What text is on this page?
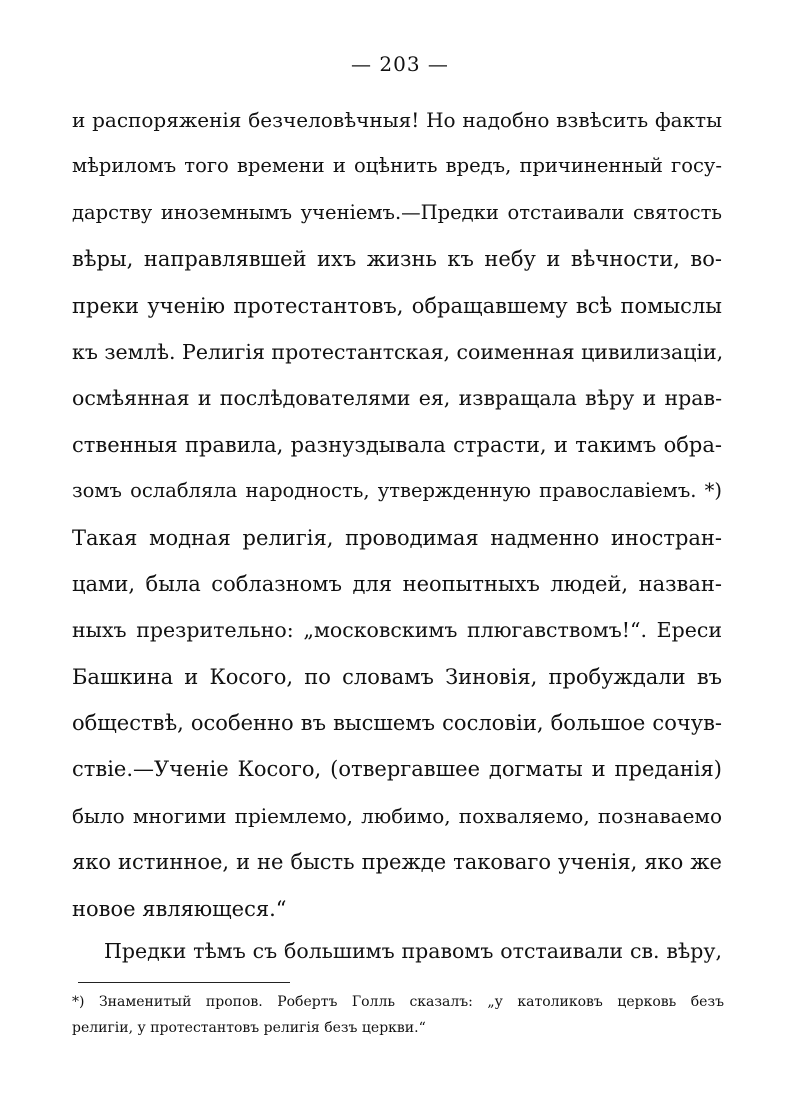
— 203 —
и распоряженія безчеловѣчныя! Но надобно взвѣсить факты
мѣриломъ того времени и оцѣнить вредъ, причиненный госу-
дарству иноземнымъ ученіемъ.—Предки отстаивали святость
вѣры, направлявшей ихъ жизнь къ небу и вѣчности, во-
преки ученію протестантовъ, обращавшему всѣ помыслы
къ землѣ. Религія протестантская, соименная цивилизаціи,
осмѣянная и послѣдователями ея, извращала вѣру и нрав-
ственныя правила, разнуздывала страсти, и такимъ обра-
зомъ ослабляла народность, утвержденную православіемъ. *)
Такая модная религія, проводимая надменно иностран-
цами, была соблазномъ для неопытныхъ людей, назван-
ныхъ презрительно: „московскимъ плюгавствомъ!“. Ереси
Башкина и Косого, по словамъ Зиновія, пробуждали въ
обществѣ, особенно въ высшемъ сословіи, большое сочув-
ствіе.—Ученіе Косого, (отвергавшее догматы и преданія)
было многими пріемлемо, любимо, похваляемо, познаваемо
яко истинное, и не бысть прежде таковаго ученія, яко же
новое являющеся.“
Предки тѣмъ съ большимъ правомъ отстаивали св. вѣру,
*) Знаменитый пропов. Робертъ Голль сказалъ: „у католиковъ церковь безъ
религіи, у протестантовъ религія безъ церкви.“
